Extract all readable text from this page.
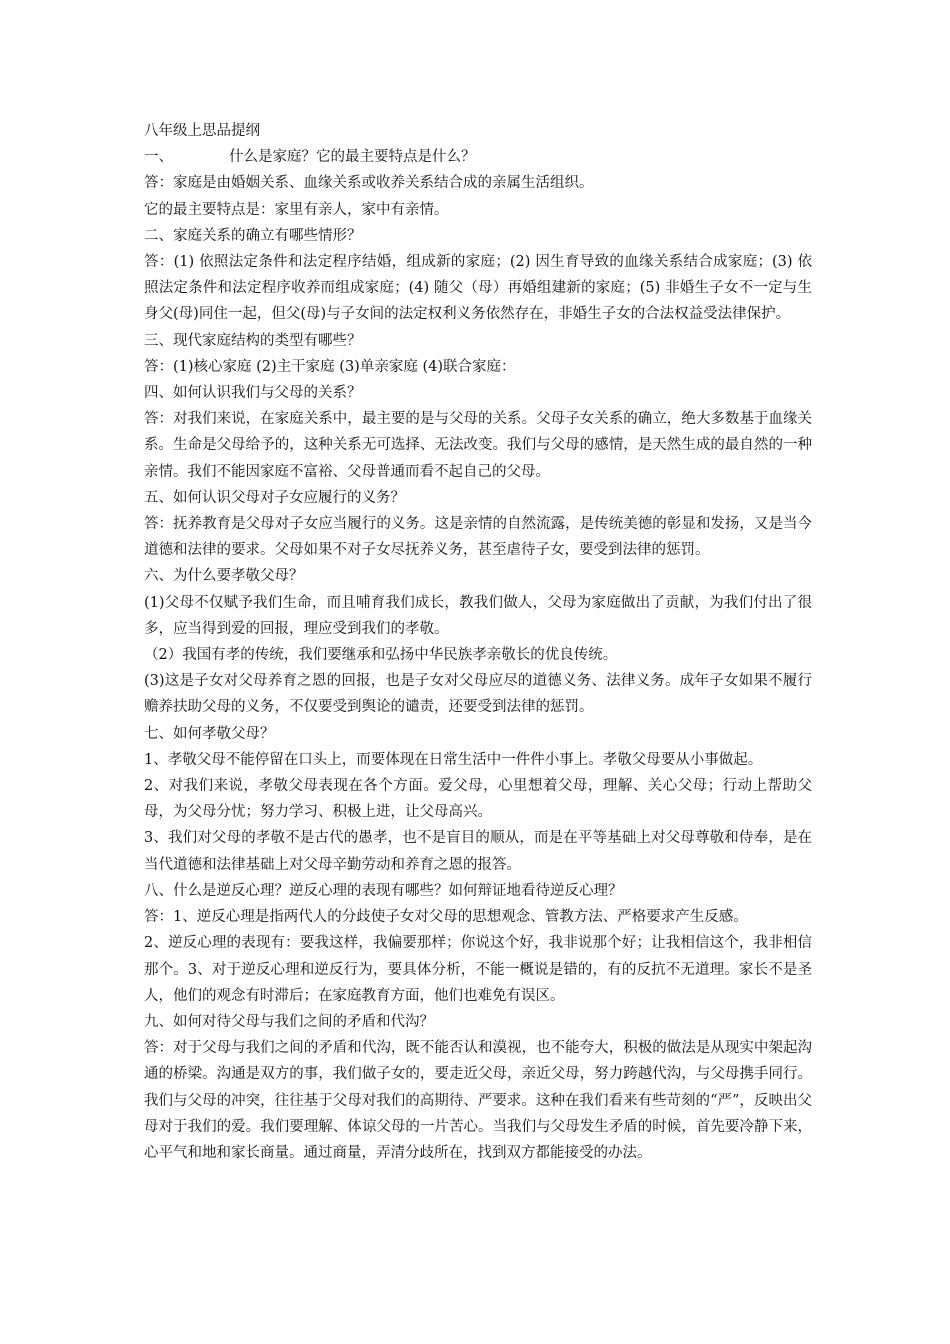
八年级上思品提纲

一、	什么是家庭？它的最主要特点是什么？

答：家庭是由婚姻关系、血缘关系或收养关系结合成的亲属生活组织。

它的最主要特点是：家里有亲人，家中有亲情。

二、家庭关系的确立有哪些情形？

答：(1) 依照法定条件和法定程序结婚，组成新的家庭；(2) 因生育导致的血缘关系结合成家庭；(3) 依照法定条件和法定程序收养而组成家庭；(4) 随父（母）再婚组建新的家庭；(5) 非婚生子女不一定与生身父(母)同住一起，但父(母)与子女间的法定权利义务依然存在，非婚生子女的合法权益受法律保护。

三、现代家庭结构的类型有哪些？

答：(1)核心家庭 (2)主干家庭 (3)单亲家庭 (4)联合家庭：

四、如何认识我们与父母的关系？

答：对我们来说，在家庭关系中，最主要的是与父母的关系。父母子女关系的确立，绝大多数基于血缘关系。生命是父母给予的，这种关系无可选择、无法改变。我们与父母的感情，是天然生成的最自然的一种亲情。我们不能因家庭不富裕、父母普通而看不起自己的父母。

五、如何认识父母对子女应履行的义务？

答：抚养教育是父母对子女应当履行的义务。这是亲情的自然流露，是传统美德的彰显和发扬，又是当今道德和法律的要求。父母如果不对子女尽抚养义务，甚至虐待子女，要受到法律的惩罚。

六、为什么要孝敬父母？

(1)父母不仅赋予我们生命，而且哺育我们成长，教我们做人，父母为家庭做出了贡献，为我们付出了很多，应当得到爱的回报，理应受到我们的孝敬。

（2）我国有孝的传统，我们要继承和弘扬中华民族孝亲敬长的优良传统。

(3)这是子女对父母养育之恩的回报，也是子女对父母应尽的道德义务、法律义务。成年子女如果不履行赡养扶助父母的义务，不仅要受到舆论的谴责，还要受到法律的惩罚。

七、如何孝敬父母？

1、孝敬父母不能停留在口头上，而要体现在日常生活中一件件小事上。孝敬父母要从小事做起。

2、对我们来说，孝敬父母表现在各个方面。爱父母，心里想着父母，理解、关心父母；行动上帮助父母，为父母分忧；努力学习、积极上进，让父母高兴。

3、我们对父母的孝敬不是古代的愚孝，也不是盲目的顺从，而是在平等基础上对父母尊敬和侍奉，是在当代道德和法律基础上对父母辛勤劳动和养育之恩的报答。

八、什么是逆反心理？逆反心理的表现有哪些？如何辩证地看待逆反心理？

答：1、逆反心理是指两代人的分歧使子女对父母的思想观念、管教方法、严格要求产生反感。

2、逆反心理的表现有：要我这样，我偏要那样；你说这个好，我非说那个好；让我相信这个，我非相信那个。3、对于逆反心理和逆反行为，要具体分析，不能一概说是错的，有的反抗不无道理。家长不是圣人，他们的观念有时滞后；在家庭教育方面，他们也难免有误区。

九、如何对待父母与我们之间的矛盾和代沟？

答：对于父母与我们之间的矛盾和代沟，既不能否认和漠视，也不能夸大，积极的做法是从现实中架起沟通的桥梁。沟通是双方的事，我们做子女的，要走近父母，亲近父母，努力跨越代沟，与父母携手同行。我们与父母的冲突，往往基于父母对我们的高期待、严要求。这种在我们看来有些苛刻的“严”，反映出父母对于我们的爱。我们要理解、体谅父母的一片苦心。当我们与父母发生矛盾的时候，首先要冷静下来，心平气和地和家长商量。通过商量，弄清分歧所在，找到双方都能接受的办法。
